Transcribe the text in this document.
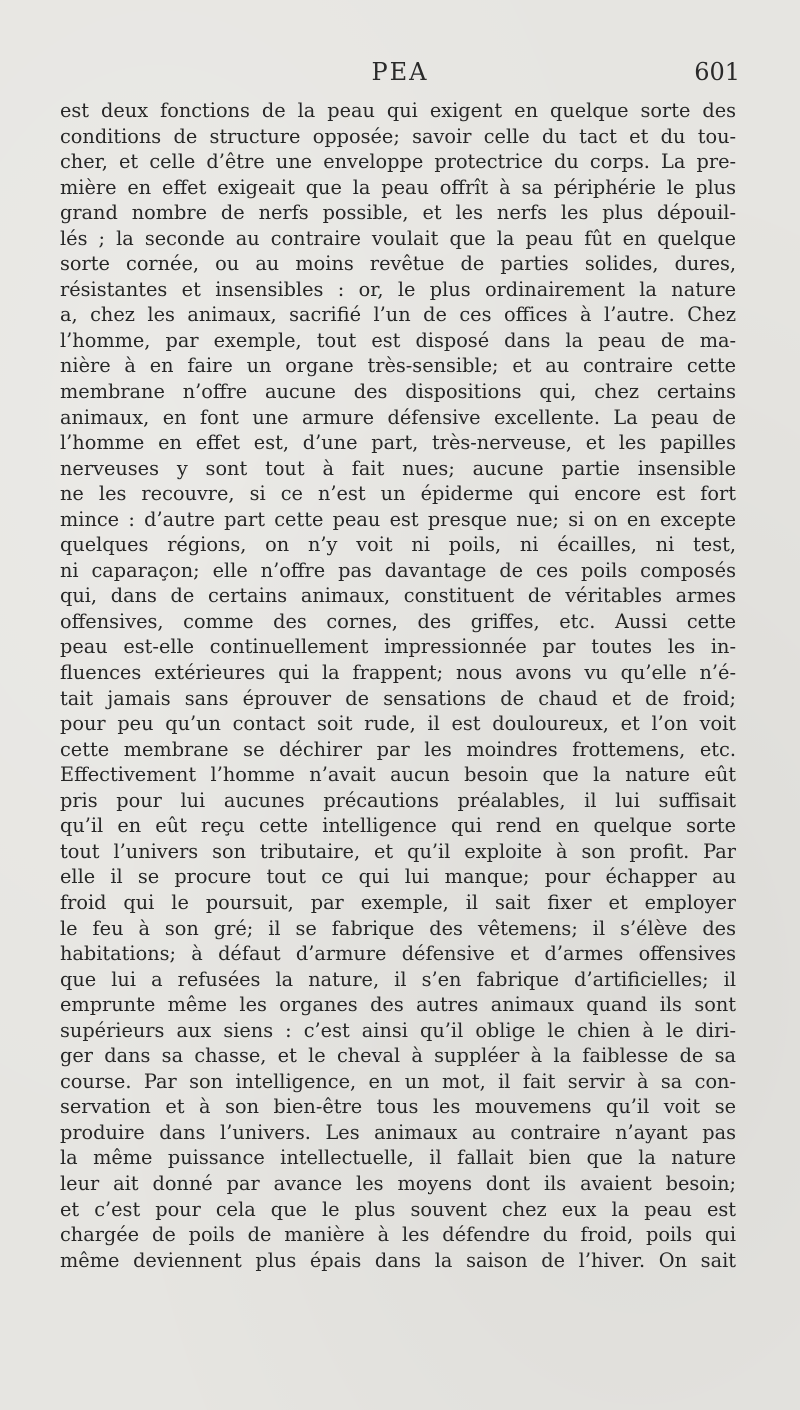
PEA	601
est deux fonctions de la peau qui exigent en quelque sorte des
conditions de structure opposée; savoir celle du tact et du tou-
cher, et celle d’être une enveloppe protectrice du corps. La pre-
mière en effet exigeait que la peau offrît à sa périphérie le plus
grand nombre de nerfs possible, et les nerfs les plus dépouil-
lés ; la seconde au contraire voulait que la peau fût en quelque
sorte cornée, ou au moins revêtue de parties solides, dures,
résistantes et insensibles : or, le plus ordinairement la nature
a, chez les animaux, sacrifié l’un de ces offices à l’autre. Chez
l’homme, par exemple, tout est disposé dans la peau de ma-
nière à en faire un organe très-sensible; et au contraire cette
membrane n’offre aucune des dispositions qui, chez certains
animaux, en font une armure défensive excellente. La peau de
l’homme en effet est, d’une part, très-nerveuse, et les papilles
nerveuses y sont tout à fait nues; aucune partie insensible
ne les recouvre, si ce n’est un épiderme qui encore est fort
mince : d’autre part cette peau est presque nue; si on en excepte
quelques régions, on n’y voit ni poils, ni écailles, ni test,
ni caparaçon; elle n’offre pas davantage de ces poils composés
qui, dans de certains animaux, constituent de véritables armes
offensives, comme des cornes, des griffes, etc. Aussi cette
peau est-elle continuellement impressionnée par toutes les in-
fluences extérieures qui la frappent; nous avons vu qu’elle n’é-
tait jamais sans éprouver de sensations de chaud et de froid;
pour peu qu’un contact soit rude, il est douloureux, et l’on voit
cette membrane se déchirer par les moindres frottemens, etc.
Effectivement l’homme n’avait aucun besoin que la nature eût
pris pour lui aucunes précautions préalables, il lui suffisait
qu’il en eût reçu cette intelligence qui rend en quelque sorte
tout l’univers son tributaire, et qu’il exploite à son profit. Par
elle il se procure tout ce qui lui manque; pour échapper au
froid qui le poursuit, par exemple, il sait fixer et employer
le feu à son gré; il se fabrique des vêtemens; il s’élève des
habitations; à défaut d’armure défensive et d’armes offensives
que lui a refusées la nature, il s’en fabrique d’artificielles; il
emprunte même les organes des autres animaux quand ils sont
supérieurs aux siens : c’est ainsi qu’il oblige le chien à le diri-
ger dans sa chasse, et le cheval à suppléer à la faiblesse de sa
course. Par son intelligence, en un mot, il fait servir à sa con-
servation et à son bien-être tous les mouvemens qu’il voit se
produire dans l’univers. Les animaux au contraire n’ayant pas
la même puissance intellectuelle, il fallait bien que la nature
leur ait donné par avance les moyens dont ils avaient besoin;
et c’est pour cela que le plus souvent chez eux la peau est
chargée de poils de manière à les défendre du froid, poils qui
même deviennent plus épais dans la saison de l’hiver. On sait
